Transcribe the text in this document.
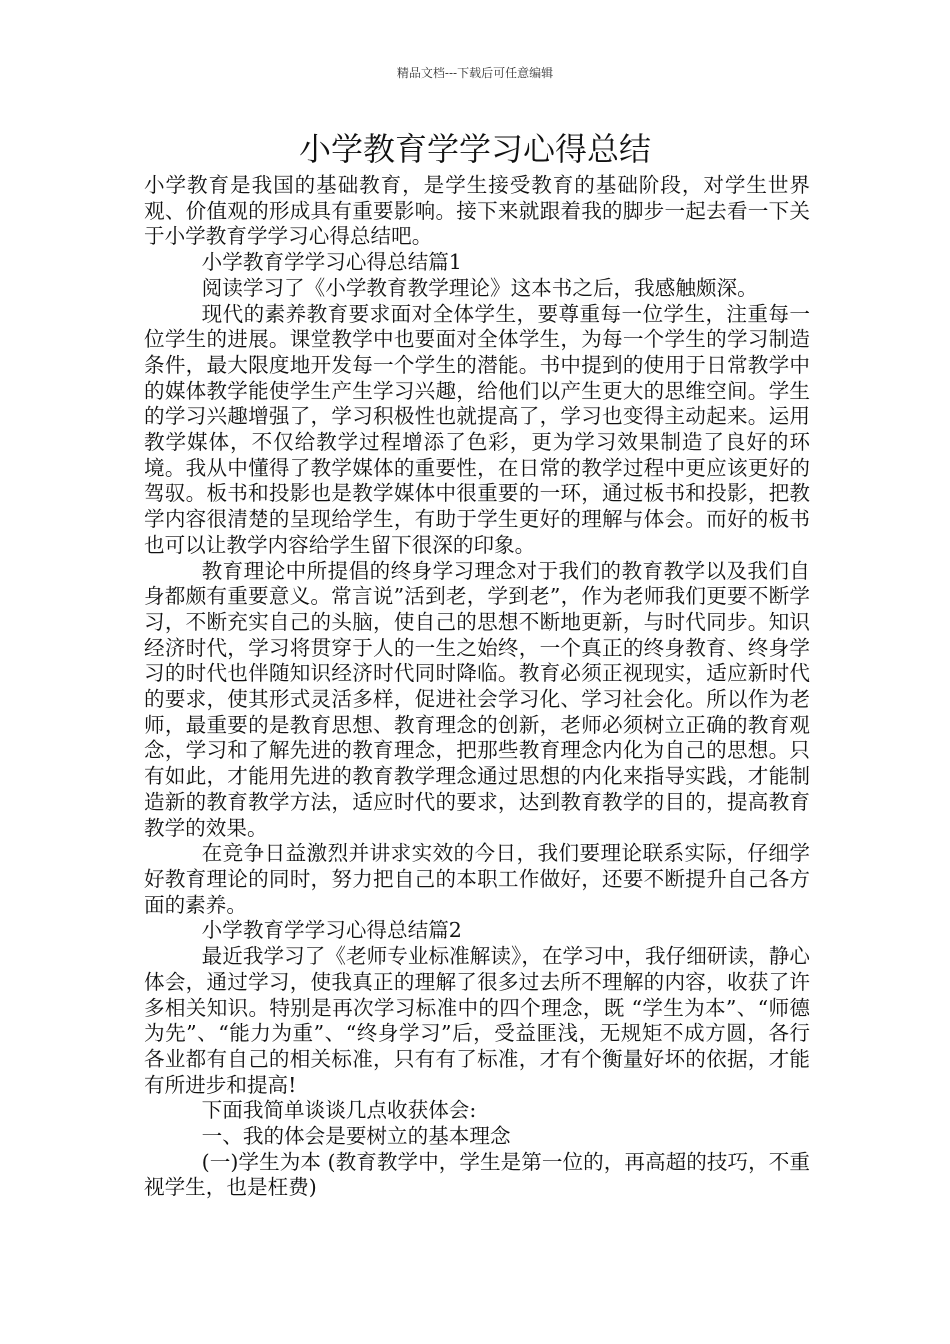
精品文档---下载后可任意编辑
小学教育学学习心得总结

小学教育是我国的基础教育，是学生接受教育的基础阶段，对学生世界观、价值观的形成具有重要影响。接下来就跟着我的脚步一起去看一下关于小学教育学学习心得总结吧。

小学教育学学习心得总结篇1

阅读学习了《小学教育教学理论》这本书之后，我感触颇深。

现代的素养教育要求面对全体学生，要尊重每一位学生，注重每一位学生的进展。课堂教学中也要面对全体学生，为每一个学生的学习制造条件，最大限度地开发每一个学生的潜能。书中提到的使用于日常教学中的媒体教学能使学生产生学习兴趣，给他们以产生更大的思维空间。学生的学习兴趣增强了，学习积极性也就提高了，学习也变得主动起来。运用教学媒体，不仅给教学过程增添了色彩，更为学习效果制造了良好的环境。我从中懂得了教学媒体的重要性，在日常的教学过程中更应该更好的驾驭。板书和投影也是教学媒体中很重要的一环，通过板书和投影，把教学内容很清楚的呈现给学生，有助于学生更好的理解与体会。而好的板书也可以让教学内容给学生留下很深的印象。

教育理论中所提倡的终身学习理念对于我们的教育教学以及我们自身都颇有重要意义。常言说”活到老，学到老”，作为老师我们更要不断学习，不断充实自己的头脑，使自己的思想不断地更新，与时代同步。知识经济时代，学习将贯穿于人的一生之始终，一个真正的终身教育、终身学习的时代也伴随知识经济时代同时降临。教育必须正视现实，适应新时代的要求，使其形式灵活多样，促进社会学习化、学习社会化。所以作为老师，最重要的是教育思想、教育理念的创新，老师必须树立正确的教育观念，学习和了解先进的教育理念，把那些教育理念内化为自己的思想。只有如此，才能用先进的教育教学理念通过思想的内化来指导实践，才能制造新的教育教学方法，适应时代的要求，达到教育教学的目的，提高教育教学的效果。

在竞争日益激烈并讲求实效的今日，我们要理论联系实际，仔细学好教育理论的同时，努力把自己的本职工作做好，还要不断提升自己各方面的素养。

小学教育学学习心得总结篇2

最近我学习了《老师专业标准解读》，在学习中，我仔细研读，静心体会，通过学习，使我真正的理解了很多过去所不理解的内容，收获了许多相关知识。特别是再次学习标准中的四个理念，既 “学生为本”、“师德为先”、“能力为重”、“终身学习”后，受益匪浅，无规矩不成方圆，各行各业都有自己的相关标准，只有有了标准，才有个衡量好坏的依据，才能有所进步和提高!

下面我简单谈谈几点收获体会:

一、我的体会是要树立的基本理念

(一)学生为本 (教育教学中，学生是第一位的，再高超的技巧，不重视学生，也是枉费)
